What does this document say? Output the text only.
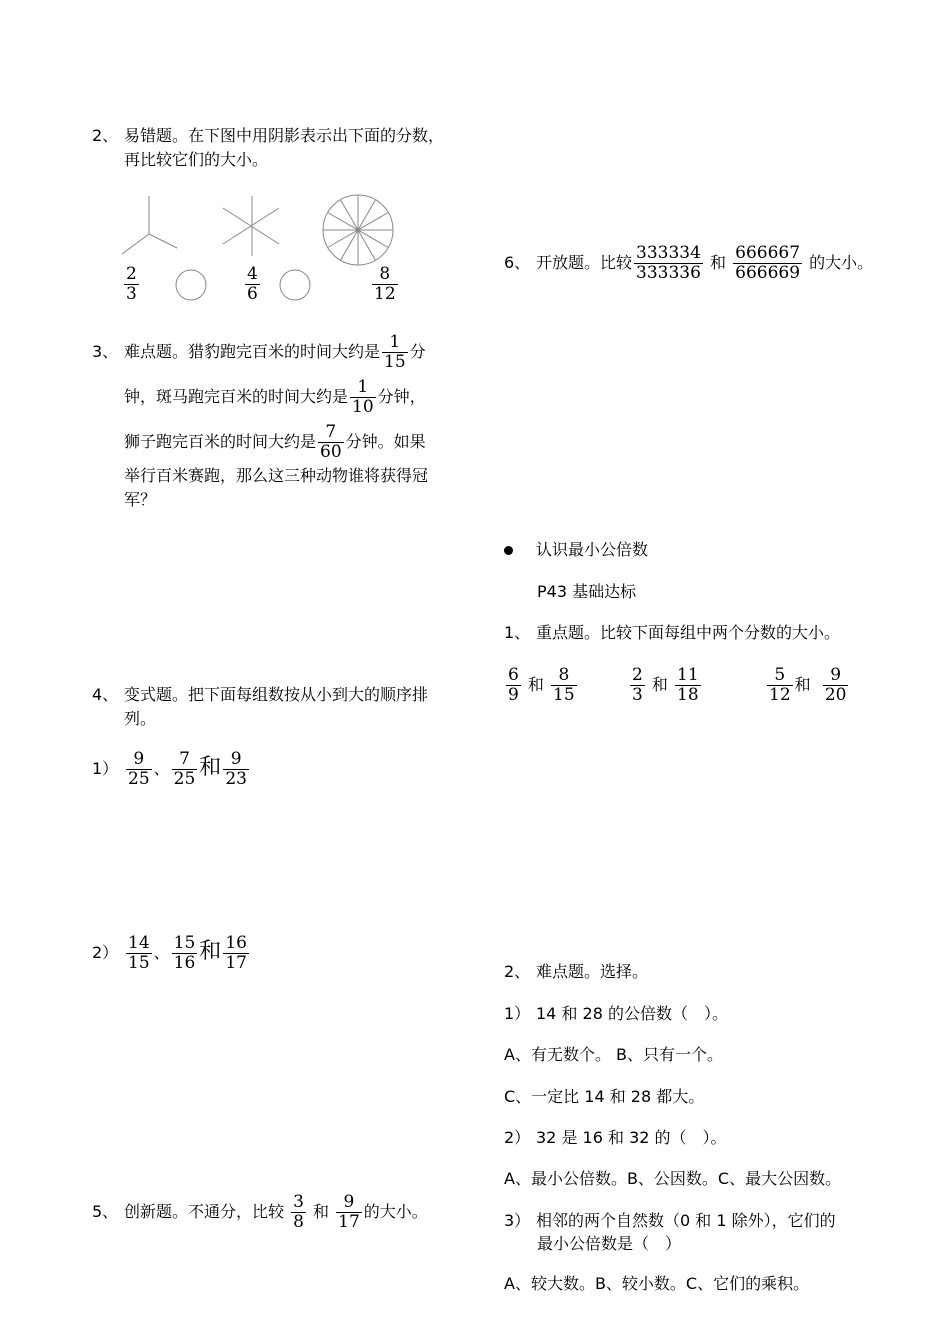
2、 易错题。在下图中用阴影表示出下面的分数，
再比较它们的大小。
$\frac{2}{3}$	$\frac{4}{6}$	$\frac{8}{12}$
3、 难点题。猎豹跑完百米的时间大约是 $\frac{1}{15}$ 分
钟，斑马跑完百米的时间大约是 $\frac{1}{10}$ 分钟，
狮子跑完百米的时间大约是 $\frac{7}{60}$ 分钟。如果
举行百米赛跑，那么这三种动物谁将获得冠
军？
4、 变式题。把下面每组数按从小到大的顺序排
列。
$1) \frac{9}{25}$ 、 $\frac{7}{25}$ 和 $\frac{9}{23}$
$2) \frac{14}{15}$ 、 $\frac{15}{16}$ 和 $\frac{16}{17}$
5、 创新题。不通分，比较 $\frac{3}{8}$ 和 $\frac{9}{17}$ 的大小。
6、 开放题。比较 $\frac{333334}{333336}$ 和 $\frac{666667}{666669}$ 的大小。
认识最小公倍数
P43 基础达标
1、 重点题。比较下面每组中两个分数的大小。
$\frac{6}{9}$ 和 $\frac{8}{15}$	$\frac{2}{3}$ 和 $\frac{11}{18}$	$\frac{5}{12}$ 和 $\frac{9}{20}$
2、 难点题。选择。
1） 14 和 28 的公倍数（　）。
A、有无数个。 B、只有一个。
C、一定比 14 和 28 都大。
2） 32 是 16 和 32 的（　）。
A、最小公倍数。B、公因数。C、最大公因数。
3） 相邻的两个自然数（0 和 1 除外），它们的
最小公倍数是（　）
A、较大数。B、较小数。C、它们的乘积。
